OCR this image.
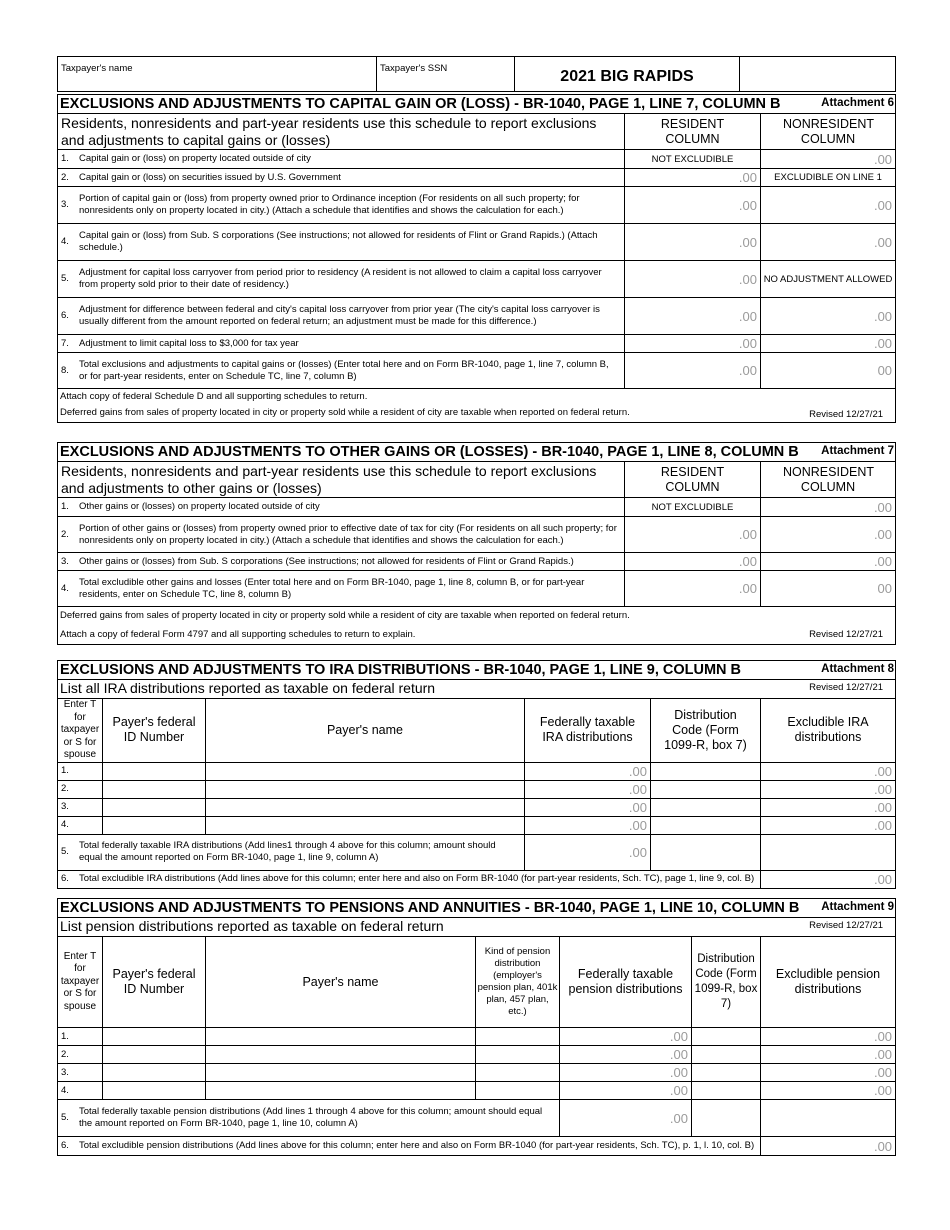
Taxpayer's name	Taxpayer's SSN	2021 BIG RAPIDS	
EXCLUSIONS AND ADJUSTMENTS TO CAPITAL GAIN OR (LOSS) - BR-1040, PAGE 1, LINE 7, COLUMN B Attachment 6		

Residents, nonresidents and part-year residents use this schedule to report exclusions and adjustments to capital gains or (losses)	RESIDENT COLUMN	NONRESIDENT COLUMN
1. Capital gain or (loss) on property located outside of city	NOT EXCLUDIBLE	.00
2. Capital gain or (loss) on securities issued by U.S. Government	.00	EXCLUDIBLE ON LINE 1
3.Portion of capital gain or (loss) from property owned prior to Ordinance inception (For residents on all such property; for nonresidents only on property located in city.) (Attach a schedule that identifies and shows the calculation for each.)	.00	.00
4.Capital gain or (loss) from Sub. S corporations (See instructions; not allowed for residents of Flint or Grand Rapids.) (Attach schedule.)	.00	.00
5.Adjustment for capital loss carryover from period prior to residency (A resident is not allowed to claim a capital loss carryover from property sold prior to their date of residency.)	.00	NO ADJUSTMENT ALLOWED
6.Adjustment for difference between federal and city's capital loss carryover from prior year (The city's capital loss carryover is usually different from the amount reported on federal return; an adjustment must be made for this difference.)	.00	.00
7. Adjustment to limit capital loss to $3,000 for tax year	.00	.00
8.Total exclusions and adjustments to capital gains or (losses) (Enter total here and on Form BR-1040, page 1, line 7, column B, or for part-year residents, enter on Schedule TC, line 7, column B)	.00	00

Attach copy of federal Schedule D and all supporting schedules to return.
Deferred gains from sales of property located in city or property sold while a resident of city are taxable when reported on federal return. Revised 12/27/21		
EXCLUSIONS AND ADJUSTMENTS TO OTHER GAINS OR (LOSSES) - BR-1040, PAGE 1, LINE 8, COLUMN B Attachment 7		

Residents, nonresidents and part-year residents use this schedule to report exclusions and adjustments to other gains or (losses)	RESIDENT COLUMN	NONRESIDENT COLUMN
1. Other gains or (losses) on property located outside of city	NOT EXCLUDIBLE	.00
2.Portion of other gains or (losses) from property owned prior to effective date of tax for city (For residents on all such property; for nonresidents only on property located in city.) (Attach a schedule that identifies and shows the calculation for each.)	.00	.00
3. Other gains or (losses) from Sub. S corporations (See instructions; not allowed for residents of Flint or Grand Rapids.)	.00	.00
4.Total excludible other gains and losses (Enter total here and on Form BR-1040, page 1, line 8, column B, or for part-year residents, enter on Schedule TC, line 8, column B)	.00	00

Deferred gains from sales of property located in city or property sold while a resident of city are taxable when reported on federal return.
Attach a copy of federal Form 4797 and all supporting schedules to return to explain. Revised 12/27/21		
EXCLUSIONS AND ADJUSTMENTS TO IRA DISTRIBUTIONS - BR-1040, PAGE 1, LINE 9, COLUMN B Attachment 8					

List all IRA distributions reported as taxable on federal return Revised 12/27/21					

Enter T for taxpayer or S for spouse	Payer's federal ID Number	Payer's name	Federally taxable IRA distributions	Distribution Code (Form 1099-R, box 7)	Excludible IRA distributions
1.			.00		.00
2.			.00		.00
3.			.00		.00
4.			.00		.00
5.Total federally taxable IRA distributions (Add lines1 through 4 above for this column; amount should equal the amount reported on Form BR-1040, page 1, line 9, column A)			.00		
6. Total excludible IRA distributions (Add lines above for this column; enter here and also on Form BR-1040 (for part-year residents, Sch. TC), page 1, line 9, col. B)					.00
EXCLUSIONS AND ADJUSTMENTS TO PENSIONS AND ANNUITIES - BR-1040, PAGE 1, LINE 10, COLUMN B Attachment 9						

List pension distributions reported as taxable on federal return Revised 12/27/21						

Enter T for taxpayer or S for spouse	Payer's federal ID Number	Payer's name	Kind of pension distribution (employer's pension plan, 401k plan, 457 plan, etc.)	Federally taxable pension distributions	Distribution Code (Form 1099-R, box 7)	Excludible pension distributions
1.				.00		.00
2.				.00		.00
3.				.00		.00
4.				.00		.00
5.Total federally taxable pension distributions (Add lines 1 through 4 above for this column; amount should equal the amount reported on Form BR-1040, page 1, line 10, column A)				.00		
6. Total excludible pension distributions (Add lines above for this column; enter here and also on Form BR-1040 (for part-year residents, Sch. TC), p. 1, l. 10, col. B)						.00
